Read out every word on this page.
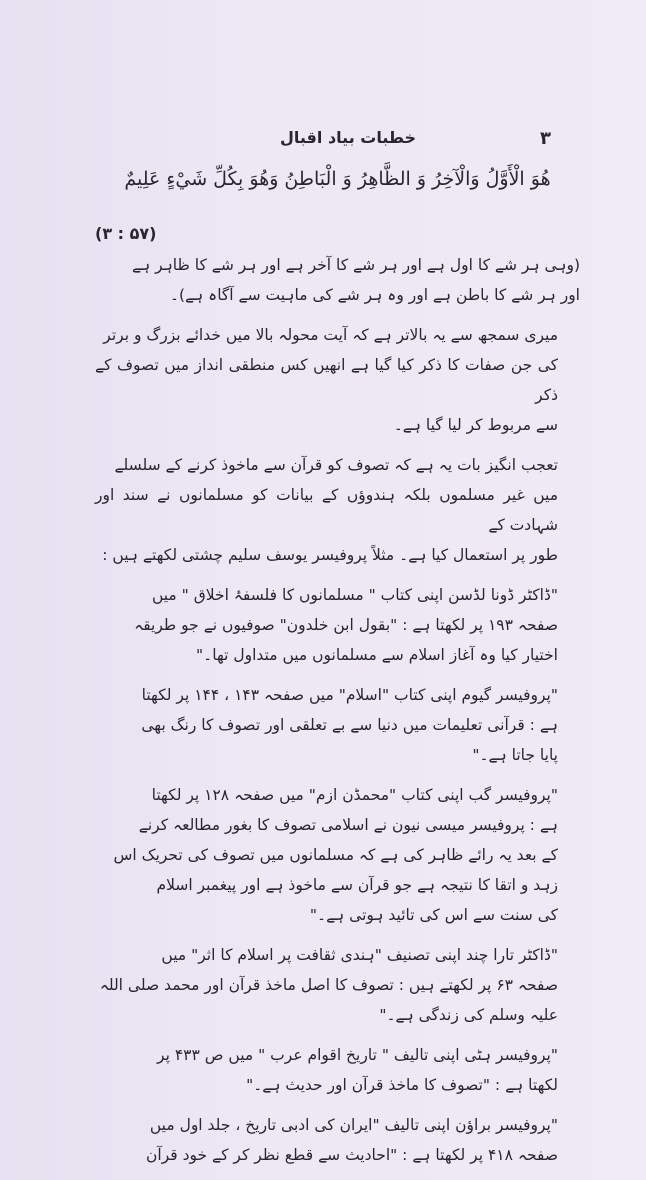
۳
خطبات بیاد اقبال
هُوَ الْأَوَّلُ وَالْآخِرُ وَ الظَّاهِرُ وَ الْبَاطِنُ وَهُوَ بِكُلِّ شَيْءٍ عَلِيمٌ
(۵۷ : ۳)
(وہی ہر شے کا اول ہے اور ہر شے کا آخر ہے اور ہر شے کا ظاہر ہے
اور ہر شے کا باطن ہے اور وہ ہر شے کی ماہیت سے آگاہ ہے)۔
میری سمجھ سے یہ بالاتر ہے کہ آیت محولہ بالا میں خدائے بزرگ و برتر
کی جن صفات کا ذکر کیا گیا ہے انھیں کس منطقی انداز میں تصوف کے ذکر
سے مربوط کر لیا گیا ہے۔
تعجب انگیز بات یہ ہے کہ تصوف کو قرآن سے ماخوذ کرنے کے سلسلے
میں غیر مسلموں بلکہ ہندوؤں کے بیانات کو مسلمانوں نے سند اور شہادت کے
طور پر استعمال کیا ہے۔ مثلاً پروفیسر یوسف سلیم چشتی لکھتے ہیں :
"ڈاکٹر ڈونا لڈسن اپنی کتاب " مسلمانوں کا فلسفۂ اخلاق " میں
صفحہ ۱۹۳ پر لکھتا ہے : "بقول ابن خلدون" صوفیوں نے جو طریقہ
اختیار کیا وہ آغاز اسلام سے مسلمانوں میں متداول تھا۔"
"پروفیسر گیوم اپنی کتاب "اسلام" میں صفحہ ۱۴۳ ، ۱۴۴ پر لکھتا
ہے : قرآنی تعلیمات میں دنیا سے بے تعلقی اور تصوف کا رنگ بھی
پایا جاتا ہے۔"
"پروفیسر گب اپنی کتاب "محمڈن ازم" میں صفحہ ۱۲۸ پر لکھتا
ہے : پروفیسر میسی نیون نے اسلامی تصوف کا بغور مطالعہ کرنے
کے بعد یہ رائے ظاہر کی ہے کہ مسلمانوں میں تصوف کی تحریک اس
زہد و اتقا کا نتیجہ ہے جو قرآن سے ماخوذ ہے اور پیغمبر اسلام
کی سنت سے اس کی تائید ہوتی ہے۔"
"ڈاکٹر تارا چند اپنی تصنیف "ہندی ثقافت پر اسلام کا اثر" میں
صفحہ ۶۳ پر لکھتے ہیں : تصوف کا اصل ماخذ قرآن اور محمد صلی اللہ
علیہ وسلم کی زندگی ہے۔"
"پروفیسر ہٹی اپنی تالیف " تاریخ اقوام عرب " میں ص ۴۳۳ پر
لکھتا ہے : "تصوف کا ماخذ قرآن اور حدیث ہے۔"
"پروفیسر براؤن اپنی تالیف "ایران کی ادبی تاریخ ، جلد اول میں
صفحہ ۴۱۸ پر لکھتا ہے : "احادیث سے قطع نظر کر کے خود قرآن
